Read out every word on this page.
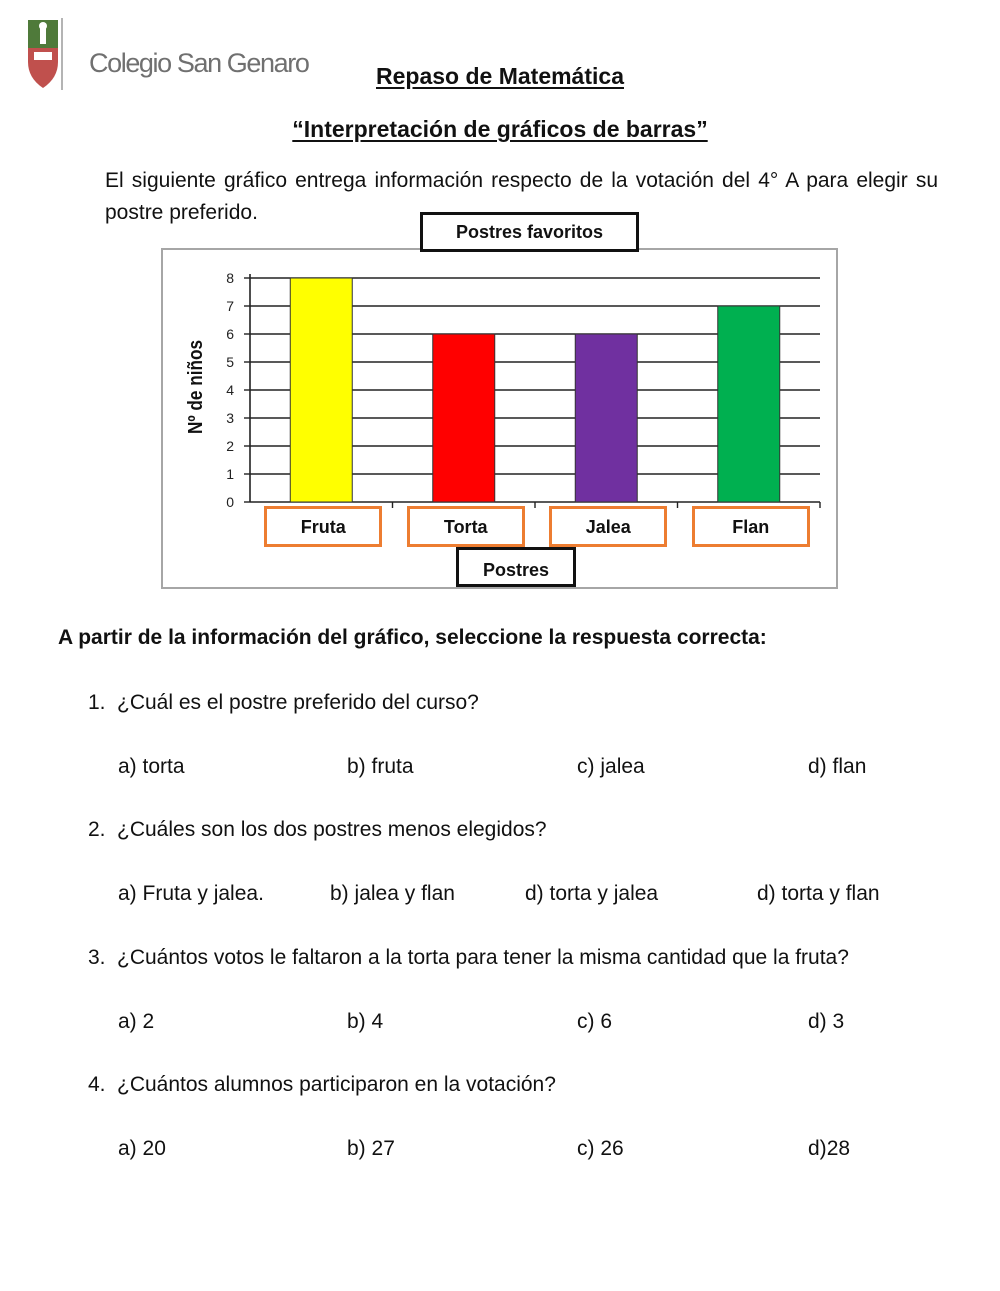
Colegio San Genaro	Repaso de Matemática
“Interpretación de gráficos de barras”
El siguiente gráfico entrega información respecto de la votación del 4° A para elegir su postre preferido.
0
1
2
3
4
5
6
7
8
Postres favoritos
Nº de niños
Fruta	Torta	Jalea	Flan
Postres
A partir de la información del gráfico, seleccione la respuesta correcta:
1. ¿Cuál es el postre preferido del curso?
a) torta	b) fruta	c) jalea	d) flan
2. ¿Cuáles son los dos postres menos elegidos?
a) Fruta y jalea.	b) jalea y flan	d) torta y jalea	d) torta y flan
3. ¿Cuántos votos le faltaron a la torta para tener la misma cantidad que la fruta?
a) 2	b) 4	c) 6	d) 3
4. ¿Cuántos alumnos participaron en la votación?
a) 20	b) 27	c) 26	d)28
